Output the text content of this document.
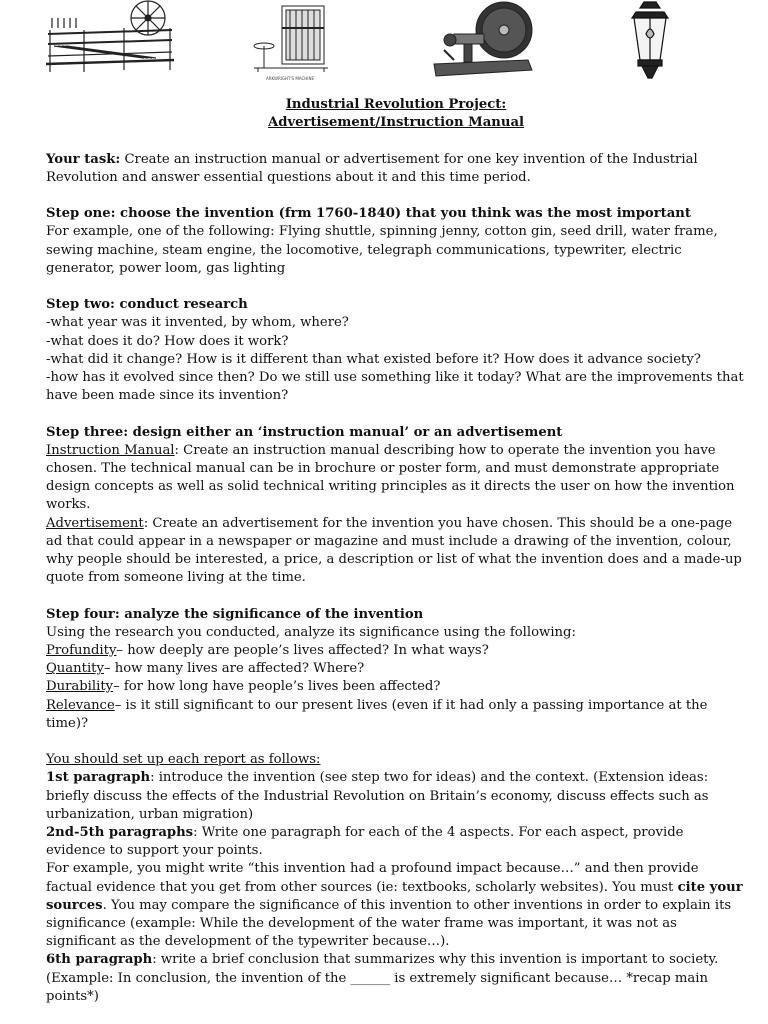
ARKWRIGHT'S MACHINE
Industrial Revolution Project:
Advertisement/Instruction Manual

Your task: Create an instruction manual or advertisement for one key invention of the Industrial Revolution and answer essential questions about it and this time period.

Step one: choose the invention (frm 1760-1840) that you think was the most important

For example, one of the following: Flying shuttle, spinning jenny, cotton gin, seed drill, water frame, sewing machine, steam engine, the locomotive, telegraph communications, typewriter, electric generator, power loom, gas lighting

Step two: conduct research

-what year was it invented, by whom, where?

-what does it do? How does it work?

-what did it change? How is it different than what existed before it? How does it advance society?

-how has it evolved since then? Do we still use something like it today? What are the improvements that have been made since its invention?

Step three: design either an ‘instruction manual’ or an advertisement

Instruction Manual: Create an instruction manual describing how to operate the invention you have chosen. The technical manual can be in brochure or poster form, and must demonstrate appropriate design concepts as well as solid technical writing principles as it directs the user on how the invention works.

Advertisement: Create an advertisement for the invention you have chosen. This should be a one-page ad that could appear in a newspaper or magazine and must include a drawing of the invention, colour, why people should be interested, a price, a description or list of what the invention does and a made-up quote from someone living at the time.

Step four: analyze the significance of the invention

Using the research you conducted, analyze its significance using the following:

Profundity– how deeply are people’s lives affected? In what ways?

Quantity– how many lives are affected? Where?

Durability– for how long have people’s lives been affected?

Relevance– is it still significant to our present lives (even if it had only a passing importance at the time)?

You should set up each report as follows:

1st paragraph: introduce the invention (see step two for ideas) and the context. (Extension ideas: briefly discuss the effects of the Industrial Revolution on Britain’s economy, discuss effects such as urbanization, urban migration)

2nd-5th paragraphs: Write one paragraph for each of the 4 aspects. For each aspect, provide evidence to support your points.

For example, you might write “this invention had a profound impact because…” and then provide factual evidence that you get from other sources (ie: textbooks, scholarly websites). You must cite your sources. You may compare the significance of this invention to other inventions in order to explain its significance (example: While the development of the water frame was important, it was not as significant as the development of the typewriter because…).

6th paragraph: write a brief conclusion that summarizes why this invention is important to society.

(Example: In conclusion, the invention of the ______ is extremely significant because… *recap main points*)
